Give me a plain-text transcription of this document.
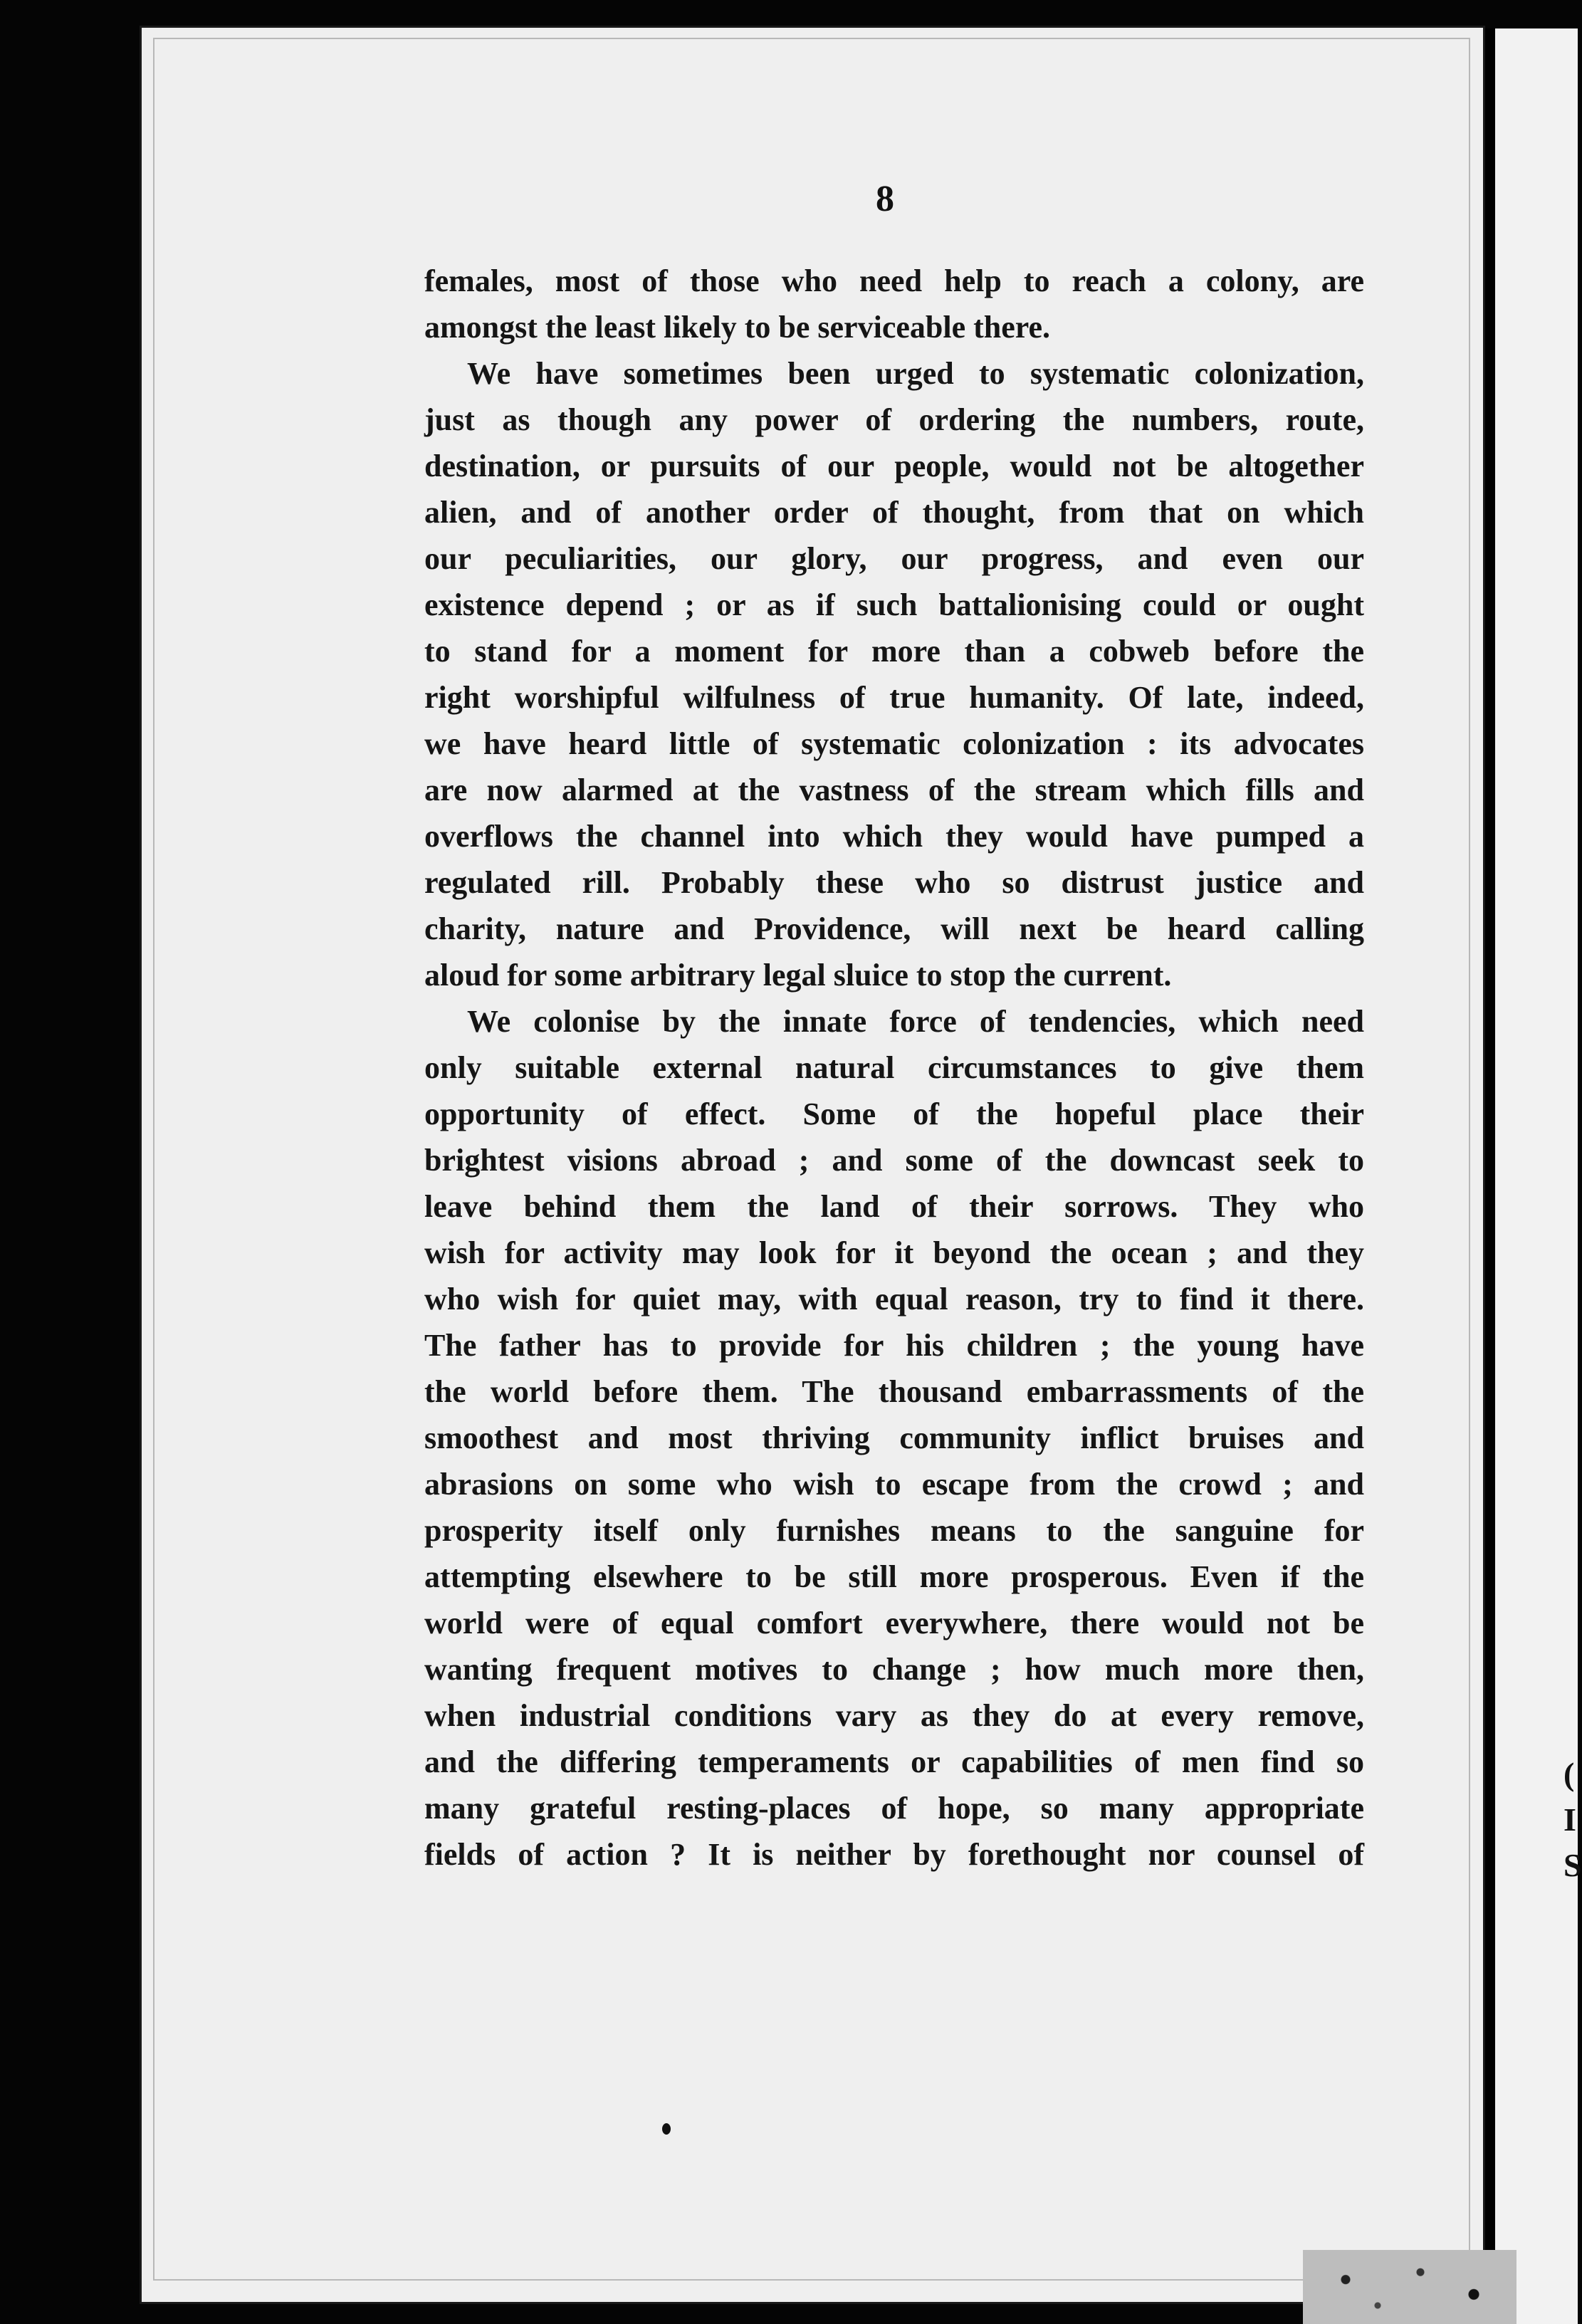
(
I
S
8
females, most of those who need help to reach a colony, are
amongst the least likely to be serviceable there.
We have sometimes been urged to systematic colonization,
just as though any power of ordering the numbers, route,
destination, or pursuits of our people, would not be altogether
alien, and of another order of thought, from that on which
our peculiarities, our glory, our progress, and even our
existence depend ; or as if such battalionising could or ought
to stand for a moment for more than a cobweb before the
right worshipful wilfulness of true humanity. Of late, indeed,
we have heard little of systematic colonization : its advocates
are now alarmed at the vastness of the stream which fills and
overflows the channel into which they would have pumped a
regulated rill. Probably these who so distrust justice and
charity, nature and Providence, will next be heard calling
aloud for some arbitrary legal sluice to stop the current.
We colonise by the innate force of tendencies, which need
only suitable external natural circumstances to give them
opportunity of effect. Some of the hopeful place their
brightest visions abroad ; and some of the downcast seek to
leave behind them the land of their sorrows. They who
wish for activity may look for it beyond the ocean ; and they
who wish for quiet may, with equal reason, try to find it there.
The father has to provide for his children ; the young have
the world before them. The thousand embarrassments of the
smoothest and most thriving community inflict bruises and
abrasions on some who wish to escape from the crowd ; and
prosperity itself only furnishes means to the sanguine for
attempting elsewhere to be still more prosperous. Even if the
world were of equal comfort everywhere, there would not be
wanting frequent motives to change ; how much more then,
when industrial conditions vary as they do at every remove,
and the differing temperaments or capabilities of men find so
many grateful resting-places of hope, so many appropriate
fields of action ? It is neither by forethought nor counsel of
